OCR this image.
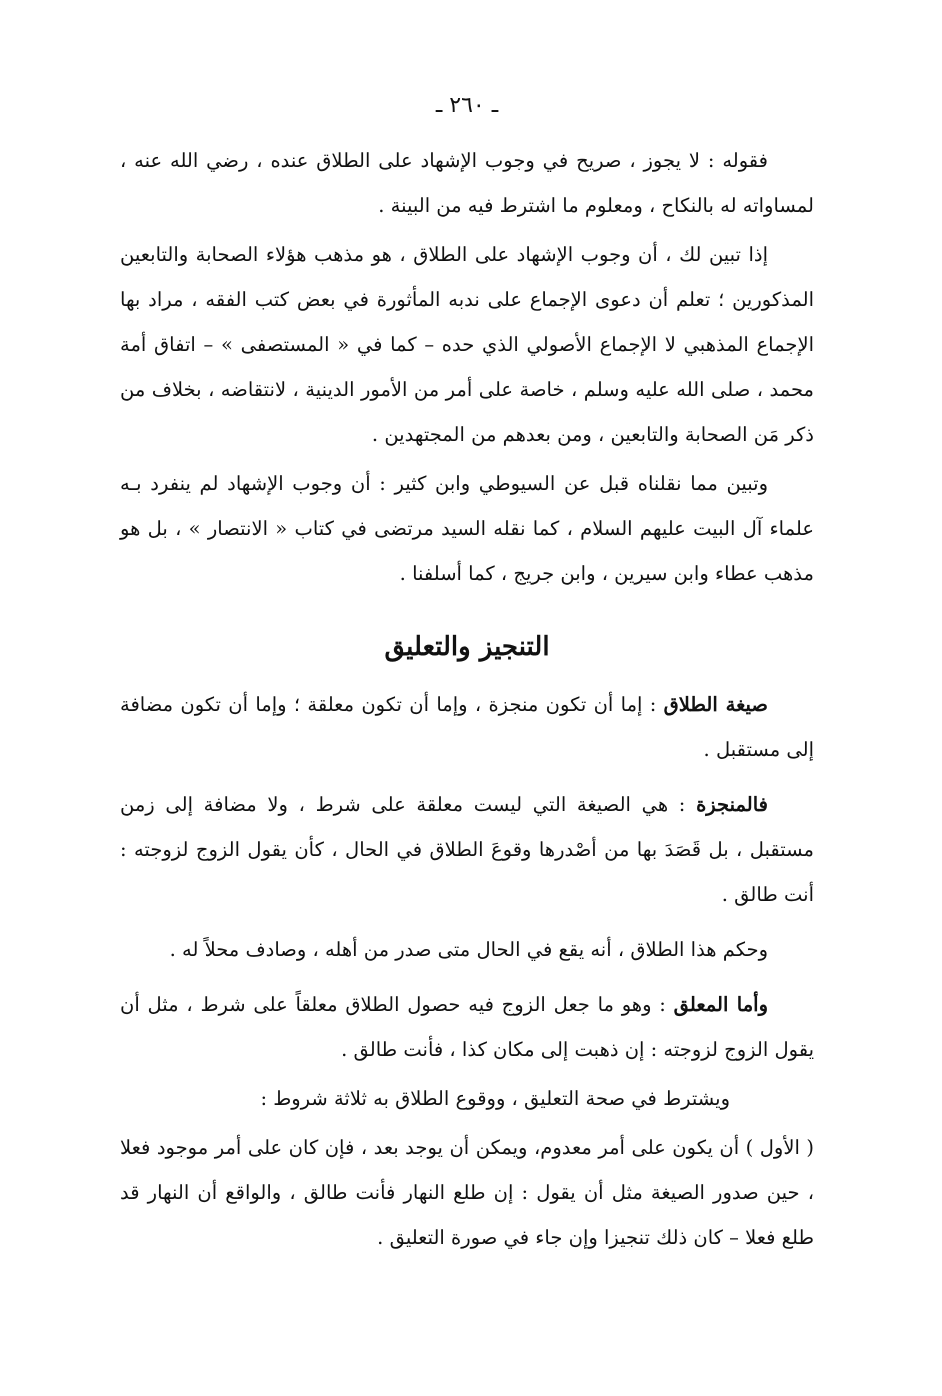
ـ ٢٦٠ ـ

فقوله : لا يجوز ، صريح في وجوب الإشهاد على الطلاق عنده ، رضي الله عنه ، لمساواته له بالنكاح ، ومعلوم ما اشترط فيه من البينة .

إذا تبين لك ، أن وجوب الإشهاد على الطلاق ، هو مذهب هؤلاء الصحابة والتابعين المذكورين ؛ تعلم أن دعوى الإجماع على ندبه المأثورة في بعض كتب الفقه ، مراد بها الإجماع المذهبي لا الإجماع الأصولي الذي حده – كما في « المستصفى » – اتفاق أمة محمد ، صلى الله عليه وسلم ، خاصة على أمر من الأمور الدينية ، لانتقاضه ، بخلاف من ذكر مَن الصحابة والتابعين ، ومن بعدهم من المجتهدين .

وتبين مما نقلناه قبل عن السيوطي وابن كثير : أن وجوب الإشهاد لم ينفرد بـه علماء آل البيت عليهم السلام ، كما نقله السيد مرتضى في كتاب « الانتصار » ، بل هو مذهب عطاء وابن سيرين ، وابن جريج ، كما أسلفنا .

التنجيز والتعليق

صيغة الطلاق : إما أن تكون منجزة ، وإما أن تكون معلقة ؛ وإما أن تكون مضافة إلى مستقبل .

فالمنجزة : هي الصيغة التي ليست معلقة على شرط ، ولا مضافة إلى زمن مستقبل ، بل قَصَدَ بها من أصْدرها وقوعَ الطلاق في الحال ، كأن يقول الزوج لزوجته : أنت طالق .

وحكم هذا الطلاق ، أنه يقع في الحال متى صدر من أهله ، وصادف محلاً له .

وأما المعلق : وهو ما جعل الزوج فيه حصول الطلاق معلقاً على شرط ، مثل أن يقول الزوج لزوجته : إن ذهبت إلى مكان كذا ، فأنت طالق .

ويشترط في صحة التعليق ، ووقوع الطلاق به ثلاثة شروط :

( الأول ) أن يكون على أمر معدوم، ويمكن أن يوجد بعد ، فإن كان على أمر موجود فعلا ، حين صدور الصيغة مثل أن يقول : إن طلع النهار فأنت طالق ، والواقع أن النهار قد طلع فعلا – كان ذلك تنجيزا وإن جاء في صورة التعليق .
